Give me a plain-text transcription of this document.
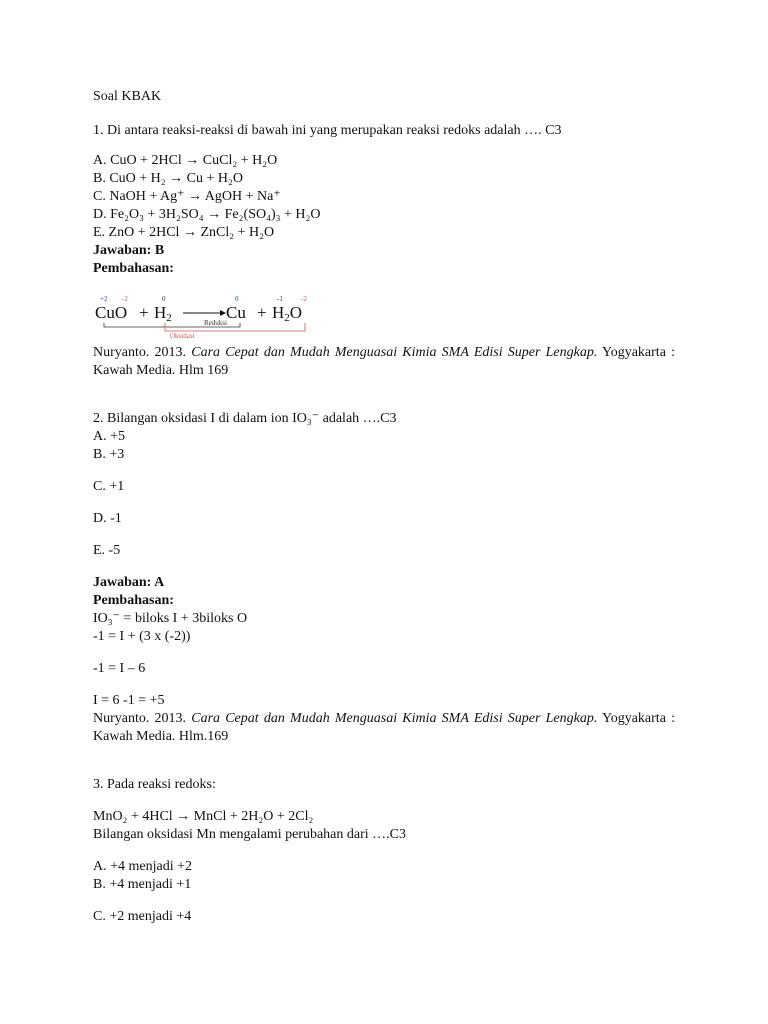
Soal KBAK
1. Di antara reaksi-reaksi di bawah ini yang merupakan reaksi redoks adalah …. C3
A. CuO + 2HCl → CuCl₂ + H₂O
B. CuO + H₂ → Cu + H₂O
C. NaOH + Ag⁺ → AgOH + Na⁺
D. Fe₂O₃ + 3H₂SO₄ → Fe₂(SO₄)₃ + H₂O
E. ZnO + 2HCl → ZnCl₂ + H₂O
Jawaban: B
Pembahasan:
+2 -2	0	0	-1	-2
CuO + H2	Cu + H2O
Reduksi
Oksidasi
Nuryanto. 2013. Cara Cepat dan Mudah Menguasai Kimia SMA Edisi Super Lengkap. Yogyakarta : Kawah Media. Hlm 169
2. Bilangan oksidasi I di dalam ion IO₃⁻ adalah ….C3
A. +5
B. +3
C. +1
D. -1
E. -5
Jawaban: A
Pembahasan:
IO₃⁻ = biloks I + 3biloks O
-1 = I + (3 x (-2))
-1 = I – 6
I = 6 -1 = +5
Nuryanto. 2013. Cara Cepat dan Mudah Menguasai Kimia SMA Edisi Super Lengkap. Yogyakarta : Kawah Media. Hlm.169
3. Pada reaksi redoks:
MnO₂ + 4HCl → MnCl + 2H₂O + 2Cl₂
Bilangan oksidasi Mn mengalami perubahan dari ….C3
A. +4 menjadi +2
B. +4 menjadi +1
C. +2 menjadi +4
